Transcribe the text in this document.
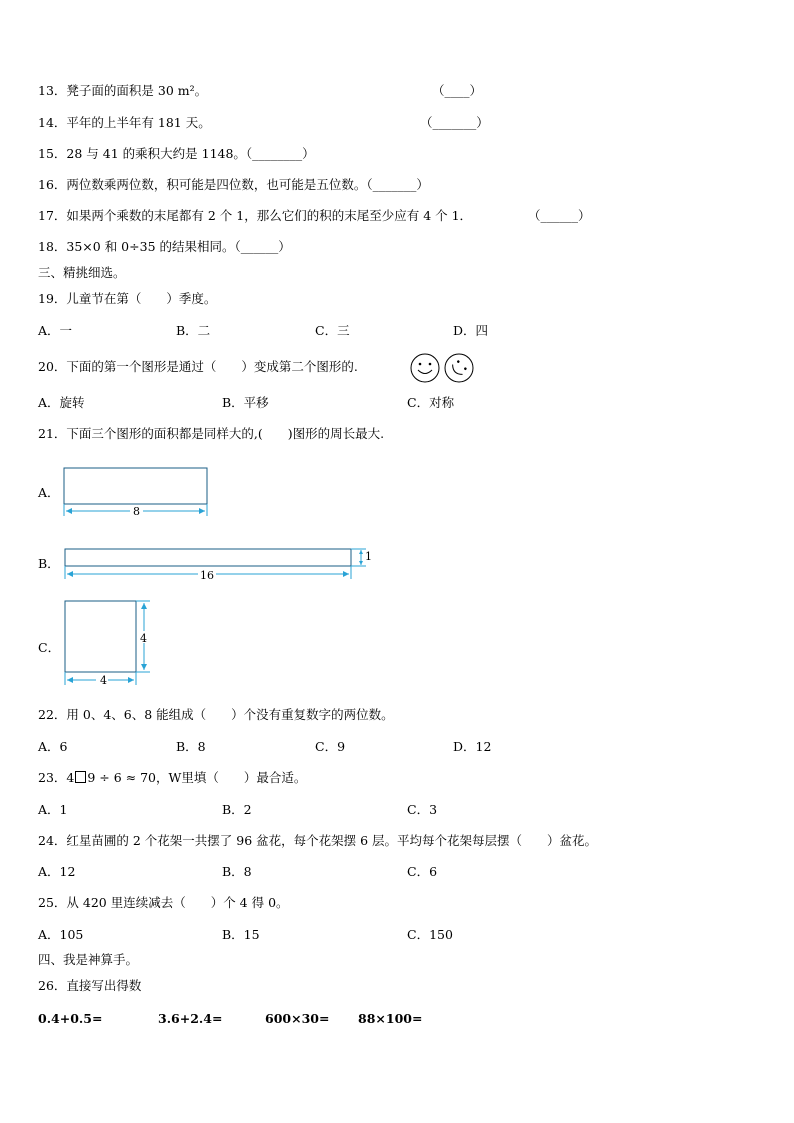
13．凳子面的面积是 30 m²。	（____）
14．平年的上半年有 181 天。	（_______）
15．28 与 41 的乘积大约是 1148。（________）
16．两位数乘两位数，积可能是四位数，也可能是五位数。（_______）
17．如果两个乘数的末尾都有 2 个 1，那么它们的积的末尾至少应有 4 个 1．	（______）
18．35×0 和 0÷35 的结果相同。（______）
三、精挑细选。
19．儿童节在第（　　）季度。
A．一	B．二	C．三	D．四
20．下面的第一个图形是通过（　　）变成第二个图形的.
A．旋转	B．平移	C．对称
21．下面三个图形的面积都是同样大的,(　　)图形的周长最大.
A．
8
B．
16
1
C．
4
4
22．用 0、4、6、8 能组成（　　）个没有重复数字的两位数。
A．6	B．8	C．9	D．12
23．4 9 ÷ 6 ≈ 70，W里填（　　）最合适。
A．1	B．2	C．3
24．红星苗圃的 2 个花架一共摆了 96 盆花，每个花架摆 6 层。平均每个花架每层摆（　　）盆花。
A．12	B．8	C．6
25．从 420 里连续减去（　　）个 4 得 0。
A．105	B．15	C．150
四、我是神算手。
26．直接写出得数
0.4+0.5=	3.6+2.4=	600×30= 88×100=
